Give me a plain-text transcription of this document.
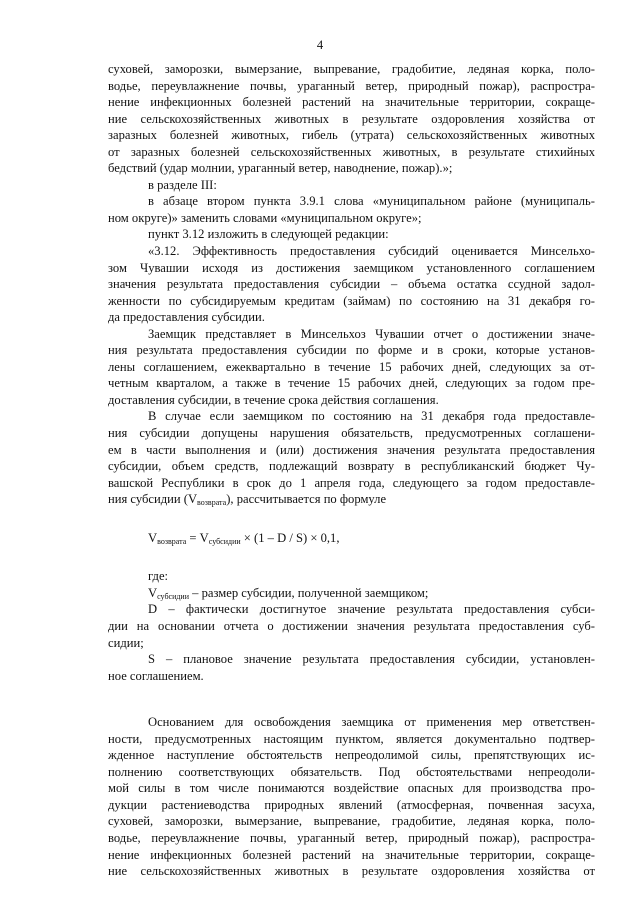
4
суховей, заморозки, вымерзание, выпревание, градобитие, ледяная корка, поло-
водье, переувлажнение почвы, ураганный ветер, природный пожар), распростра-
нение инфекционных болезней растений на значительные территории, сокраще-
ние сельскохозяйственных животных в результате оздоровления хозяйства от
заразных болезней животных, гибель (утрата) сельскохозяйственных животных
от заразных болезней сельскохозяйственных животных, в результате стихийных
бедствий (удар молнии, ураганный ветер, наводнение, пожар).»;
в разделе III:
в абзаце втором пункта 3.9.1 слова «муниципальном районе (муниципаль-
ном округе)» заменить словами «муниципальном округе»;
пункт 3.12 изложить в следующей редакции:
«3.12. Эффективность предоставления субсидий оценивается Минсельхо-
зом Чувашии исходя из достижения заемщиком установленного соглашением
значения результата предоставления субсидии – объема остатка ссудной задол-
женности по субсидируемым кредитам (займам) по состоянию на 31 декабря го-
да предоставления субсидии.
Заемщик представляет в Минсельхоз Чувашии отчет о достижении значе-
ния результата предоставления субсидии по форме и в сроки, которые установ-
лены соглашением, ежеквартально в течение 15 рабочих дней, следующих за от-
четным кварталом, а также в течение 15 рабочих дней, следующих за годом пре-
доставления субсидии, в течение срока действия соглашения.
В случае если заемщиком по состоянию на 31 декабря года предоставле-
ния субсидии допущены нарушения обязательств, предусмотренных соглашени-
ем в части выполнения и (или) достижения значения результата предоставления
субсидии, объем средств, подлежащий возврату в республиканский бюджет Чу-
вашской Республики в срок до 1 апреля года, следующего за годом предоставле-
ния субсидии $(V_{возврата})$, рассчитывается по формуле
$V_{возврата} = V_{субсидии} \times (1 - D / S) \times 0,1$,
где:
$V_{субсидии}$ – размер субсидии, полученной заемщиком;
D – фактически достигнутое значение результата предоставления субси-
дии на основании отчета о достижении значения результата предоставления суб-
сидии;
S – плановое значение результата предоставления субсидии, установлен-
ное соглашением.
Основанием для освобождения заемщика от применения мер ответствен-
ности, предусмотренных настоящим пунктом, является документально подтвер-
жденное наступление обстоятельств непреодолимой силы, препятствующих ис-
полнению соответствующих обязательств. Под обстоятельствами непреодоли-
мой силы в том числе понимаются воздействие опасных для производства про-
дукции растениеводства природных явлений (атмосферная, почвенная засуха,
суховей, заморозки, вымерзание, выпревание, градобитие, ледяная корка, поло-
водье, переувлажнение почвы, ураганный ветер, природный пожар), распростра-
нение инфекционных болезней растений на значительные территории, сокраще-
ние сельскохозяйственных животных в результате оздоровления хозяйства от
